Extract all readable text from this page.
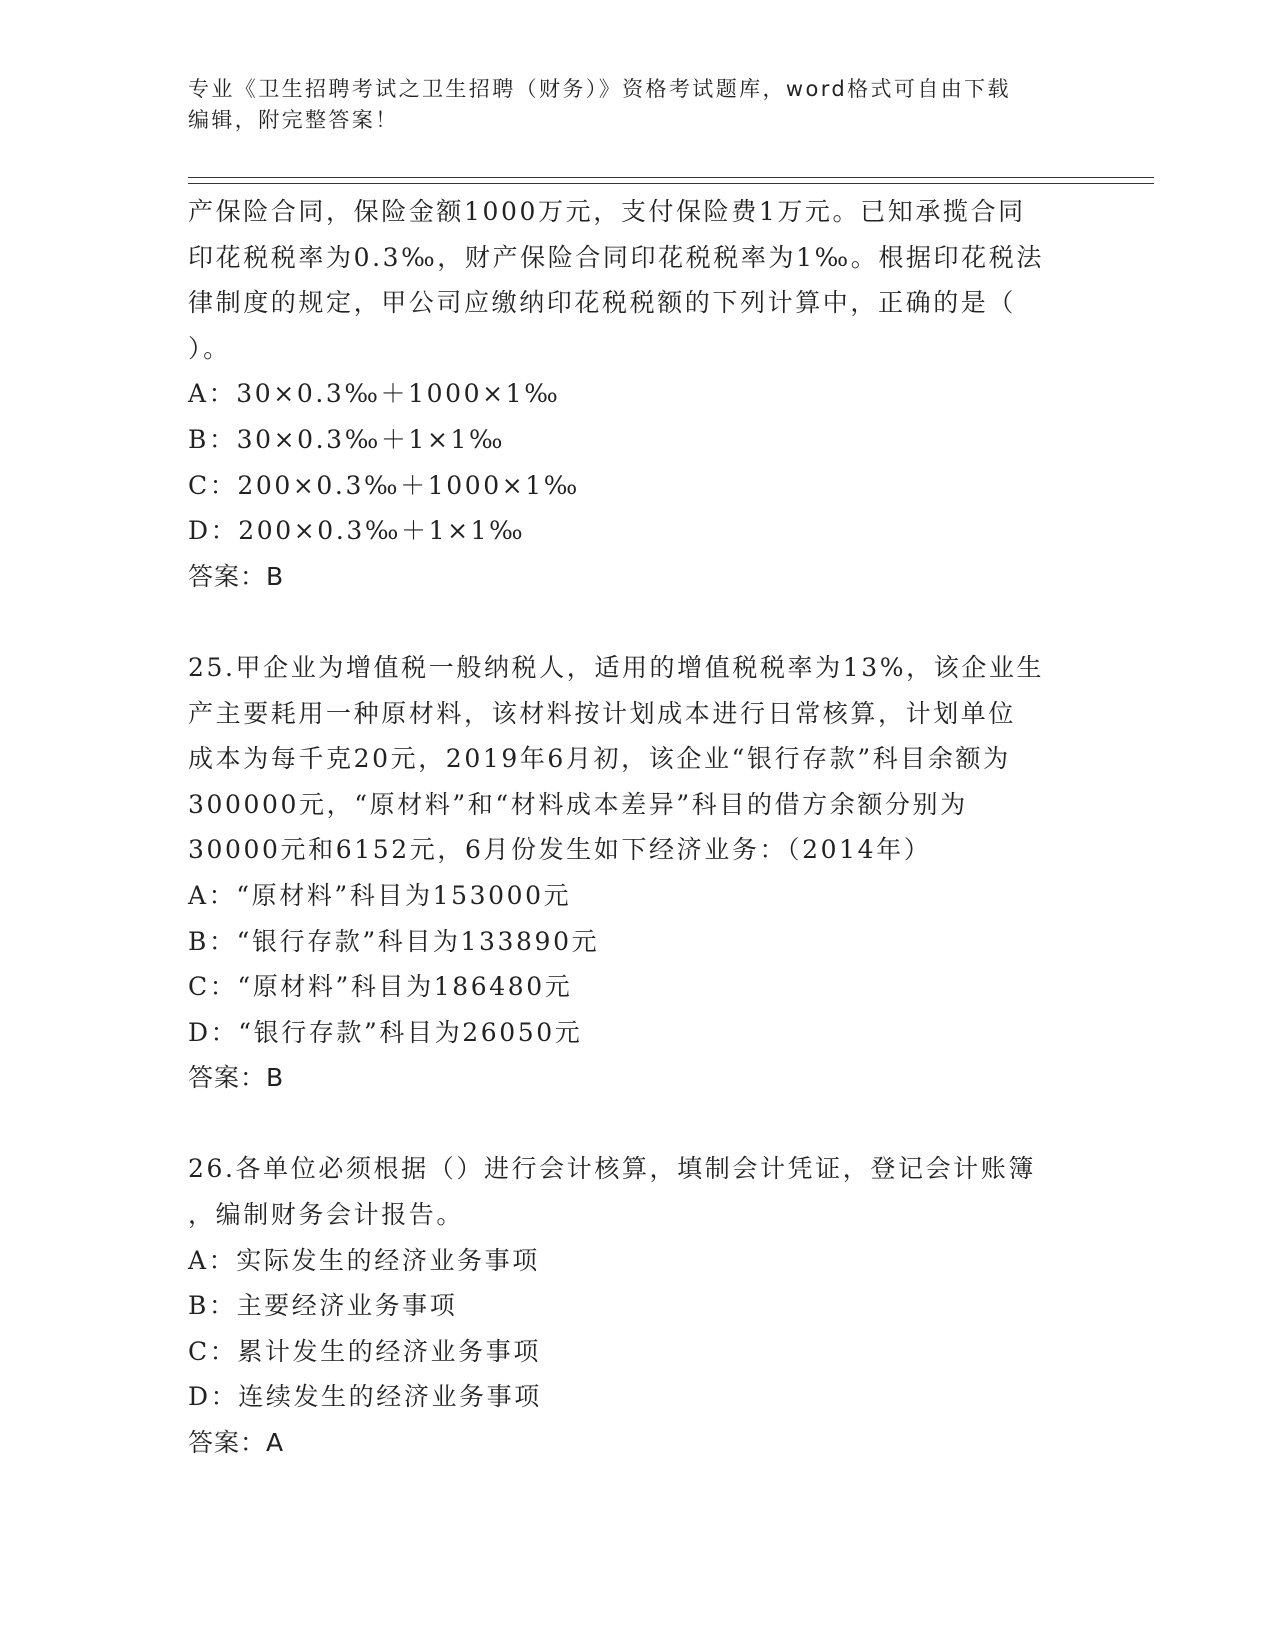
专业《卫生招聘考试之卫生招聘（财务）》资格考试题库，word格式可自由下载
编辑，附完整答案！
产保险合同，保险金额1000万元，支付保险费1万元。已知承揽合同
印花税税率为0.3‰，财产保险合同印花税税率为1‰。根据印花税法
律制度的规定，甲公司应缴纳印花税税额的下列计算中，正确的是（
）。
A：30×0.3‰＋1000×1‰
B：30×0.3‰＋1×1‰
C：200×0.3‰＋1000×1‰
D：200×0.3‰＋1×1‰
答案：B
25.甲企业为增值税一般纳税人，适用的增值税税率为13%，该企业生
产主要耗用一种原材料，该材料按计划成本进行日常核算，计划单位
成本为每千克20元，2019年6月初，该企业“银行存款”科目余额为
300000元，“原材料”和“材料成本差异”科目的借方余额分别为
30000元和6152元，6月份发生如下经济业务：（2014年）
A：“原材料”科目为153000元
B：“银行存款”科目为133890元
C：“原材料”科目为186480元
D：“银行存款”科目为26050元
答案：B
26.各单位必须根据（）进行会计核算，填制会计凭证，登记会计账簿
，编制财务会计报告。
A：实际发生的经济业务事项
B：主要经济业务事项
C：累计发生的经济业务事项
D：连续发生的经济业务事项
答案：A
